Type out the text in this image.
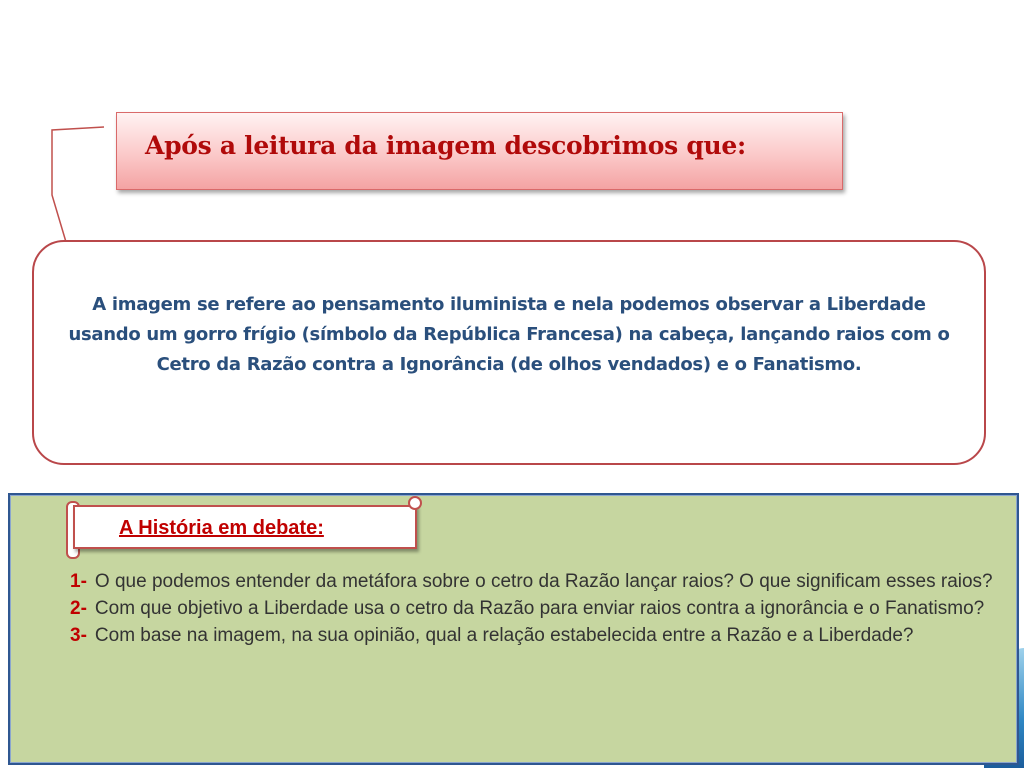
Após a leitura da imagem descobrimos que:
A imagem se refere ao pensamento iluminista e nela podemos observar a Liberdade usando um gorro frígio (símbolo da República Francesa) na cabeça, lançando raios com o Cetro da Razão contra a Ignorância (de olhos vendados) e o Fanatismo.
A História em debate:

1- O que podemos entender da metáfora sobre o cetro da Razão lançar raios? O que significam esses raios?

2- Com que objetivo a Liberdade usa o cetro da Razão para enviar raios contra a ignorância e o Fanatismo?

3- Com base na imagem, na sua opinião, qual a relação estabelecida entre a Razão e a Liberdade?
